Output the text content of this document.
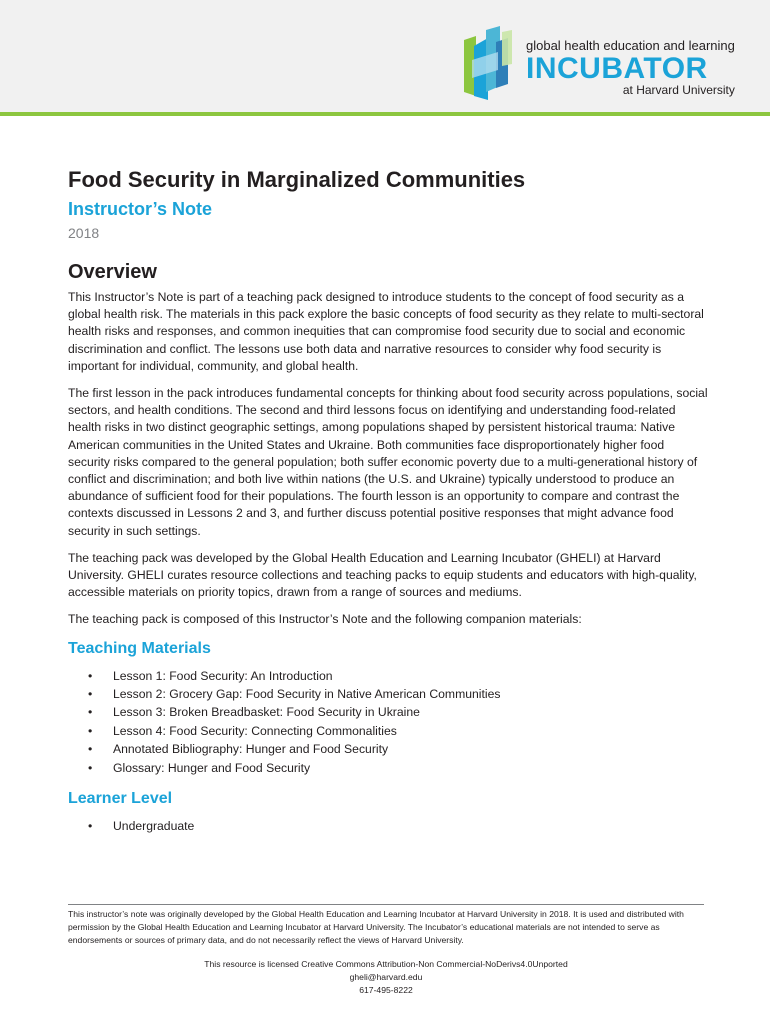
global health education and learning
INCUBATOR
at Harvard University
Food Security in Marginalized Communities
Instructor’s Note
2018
Overview

This Instructor’s Note is part of a teaching pack designed to introduce students to the concept of food security as a global health risk. The materials in this pack explore the basic concepts of food security as they relate to multi-sectoral health risks and responses, and common inequities that can compromise food security due to social and economic discrimination and conflict. The lessons use both data and narrative resources to consider why food security is important for individual, community, and global health.

The first lesson in the pack introduces fundamental concepts for thinking about food security across populations, social sectors, and health conditions. The second and third lessons focus on identifying and understanding food-related health risks in two distinct geographic settings, among populations shaped by persistent historical trauma: Native American communities in the United States and Ukraine. Both communities face disproportionately higher food security risks compared to the general population; both suffer economic poverty due to a multi-generational history of conflict and discrimination; and both live within nations (the U.S. and Ukraine) typically understood to produce an abundance of sufficient food for their populations. The fourth lesson is an opportunity to compare and contrast the contexts discussed in Lessons 2 and 3, and further discuss potential positive responses that might advance food security in such settings.

The teaching pack was developed by the Global Health Education and Learning Incubator (GHELI) at Harvard University. GHELI curates resource collections and teaching packs to equip students and educators with high-quality, accessible materials on priority topics, drawn from a range of sources and mediums.

The teaching pack is composed of this Instructor’s Note and the following companion materials:

Teaching Materials
• Lesson 1: Food Security: An Introduction
• Lesson 2: Grocery Gap: Food Security in Native American Communities
• Lesson 3: Broken Breadbasket: Food Security in Ukraine
• Lesson 4: Food Security: Connecting Commonalities
• Annotated Bibliography: Hunger and Food Security
• Glossary: Hunger and Food Security
Learner Level
• Undergraduate
This instructor’s note was originally developed by the Global Health Education and Learning Incubator at Harvard University in 2018. It is used and distributed with permission by the Global Health Education and Learning Incubator at Harvard University. The Incubator’s educational materials are not intended to serve as endorsements or sources of primary data, and do not necessarily reflect the views of Harvard University.
This resource is licensed Creative Commons Attribution-Non Commercial-NoDerivs4.0Unported
gheli@harvard.edu
617-495-8222
